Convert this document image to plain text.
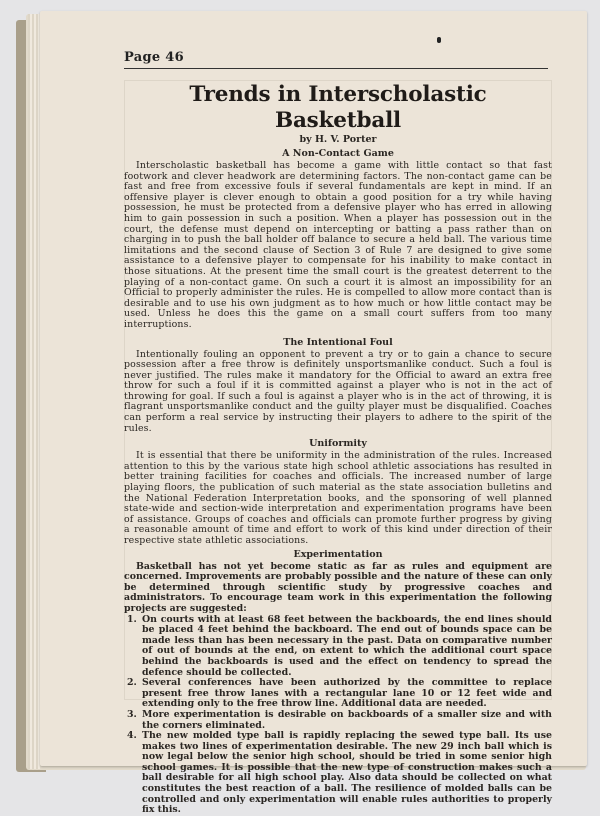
Page 46
Trends in Interscholastic Basketball
by H. V. Porter
A Non-Contact Game

Interscholastic basketball has become a game with little contact so that fast footwork and clever headwork are determining factors. The non-contact game can be fast and free from excessive fouls if several fundamentals are kept in mind. If an offensive player is clever enough to obtain a good position for a try while having possession, he must be protected from a defensive player who has erred in allowing him to gain possession in such a position. When a player has possession out in the court, the defense must depend on intercepting or batting a pass rather than on charging in to push the ball holder off balance to secure a held ball. The various time limitations and the second clause of Section 3 of Rule 7 are designed to give some assistance to a defensive player to compensate for his inability to make contact in those situations. At the present time the small court is the greatest deterrent to the playing of a non-contact game. On such a court it is almost an impossibility for an Official to properly administer the rules. He is compelled to allow more contact than is desirable and to use his own judgment as to how much or how little contact may be used. Unless he does this the game on a small court suffers from too many interruptions.

The Intentional Foul

Intentionally fouling an opponent to prevent a try or to gain a chance to secure possession after a free throw is definitely unsportsmanlike conduct. Such a foul is never justified. The rules make it mandatory for the Official to award an extra free throw for such a foul if it is committed against a player who is not in the act of throwing for goal. If such a foul is against a player who is in the act of throwing, it is flagrant unsportsmanlike conduct and the guilty player must be disqualified. Coaches can perform a real service by instructing their players to adhere to the spirit of the rules.

Uniformity

It is essential that there be uniformity in the administration of the rules. Increased attention to this by the various state high school athletic associations has resulted in better training facilities for coaches and officials. The increased number of large playing floors, the publication of such material as the state association bulletins and the National Federation Interpretation books, and the sponsoring of well planned state-wide and section-wide interpretation and experimentation programs have been of assistance. Groups of coaches and officials can promote further progress by giving a reasonable amount of time and effort to work of this kind under direction of their respective state athletic associations.

Experimentation

Basketball has not yet become static as far as rules and equipment are concerned. Improvements are probably possible and the nature of these can only be determined through scientific study by progressive coaches and administrators. To encourage team work in this experimentation the following projects are suggested:

1. On courts with at least 68 feet between the backboards, the end lines should be placed 4 feet behind the backboard. The end out of bounds space can be made less than has been necessary in the past. Data on comparative number of out of bounds at the end, on extent to which the additional court space behind the backboards is used and the effect on tendency to spread the defence should be collected.
2. Several conferences have been authorized by the committee to replace present free throw lanes with a rectangular lane 10 or 12 feet wide and extending only to the free throw line. Additional data are needed.
3. More experimentation is desirable on backboards of a smaller size and with the corners eliminated.
4. The new molded type ball is rapidly replacing the sewed type ball. Its use makes two lines of experimentation desirable. The new 29 inch ball which is now legal below the senior high school, should be tried in some senior high school games. It is possible that the new type of construction makes such a ball desirable for all high school play. Also data should be collected on what constitutes the best reaction of a ball. The resilience of molded balls can be controlled and only experimentation will enable rules authorities to properly fix this.
